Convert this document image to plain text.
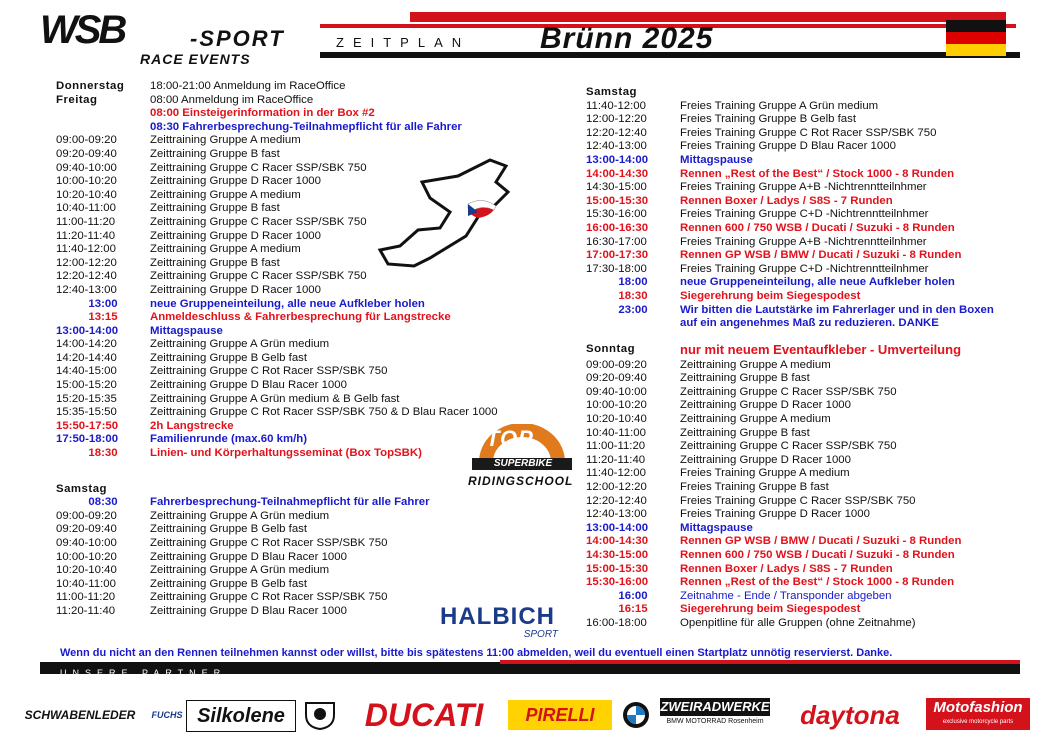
WSB	-SPORT
RACE EVENTS
ZEITPLAN Brünn 2025
Donnerstag	18:00-21:00 Anmeldung im RaceOffice
Freitag	08:00 Anmeldung im RaceOffice
08:00 Einsteigerinformation in der Box #2
08:30 Fahrerbesprechung-Teilnahmepflicht für alle Fahrer
09:00-09:20	Zeittraining Gruppe A medium
09:20-09:40	Zeittraining Gruppe B fast
09:40-10:00	Zeittraining Gruppe C Racer SSP/SBK 750
10:00-10:20	Zeittraining Gruppe D Racer 1000
10:20-10:40	Zeittraining Gruppe A medium
10:40-11:00	Zeittraining Gruppe B fast
11:00-11:20	Zeittraining Gruppe C Racer SSP/SBK 750
11:20-11:40	Zeittraining Gruppe D Racer 1000
11:40-12:00	Zeittraining Gruppe A medium
12:00-12:20	Zeittraining Gruppe B fast
12:20-12:40	Zeittraining Gruppe C Racer SSP/SBK 750
12:40-13:00	Zeittraining Gruppe D Racer 1000
13:00	neue Gruppeneinteilung, alle neue Aufkleber holen
13:15	Anmeldeschluss & Fahrerbesprechung für Langstrecke
13:00-14:00	Mittagspause
14:00-14:20	Zeittraining Gruppe A Grün medium
14:20-14:40	Zeittraining Gruppe B Gelb fast
14:40-15:00	Zeittraining Gruppe C Rot Racer SSP/SBK 750
15:00-15:20	Zeittraining Gruppe D Blau Racer 1000
15:20-15:35	Zeittraining Gruppe A Grün medium & B Gelb fast
15:35-15:50	Zeittraining Gruppe C Rot Racer SSP/SBK 750 & D Blau Racer 1000
15:50-17:50	2h Langstrecke
17:50-18:00	Familienrunde (max.60 km/h)
18:30	Linien- und Körperhaltungsseminat (Box TopSBK)
Samstag
08:30	Fahrerbesprechung-Teilnahmepflicht für alle Fahrer
09:00-09:20	Zeittraining Gruppe A Grün medium
09:20-09:40	Zeittraining Gruppe B Gelb fast
09:40-10:00	Zeittraining Gruppe C Rot Racer SSP/SBK 750
10:00-10:20	Zeittraining Gruppe D Blau Racer 1000
10:20-10:40	Zeittraining Gruppe A Grün medium
10:40-11:00	Zeittraining Gruppe B Gelb fast
11:00-11:20	Zeittraining Gruppe C Rot Racer SSP/SBK 750
11:20-11:40	Zeittraining Gruppe D Blau Racer 1000
Samstag
11:40-12:00	Freies Training Gruppe A Grün medium
12:00-12:20	Freies Training Gruppe B Gelb fast
12:20-12:40	Freies Training Gruppe C Rot Racer SSP/SBK 750
12:40-13:00	Freies Training Gruppe D Blau Racer 1000
13:00-14:00	Mittagspause
14:00-14:30	Rennen „Rest of the Best“ / Stock 1000 - 8 Runden
14:30-15:00	Freies Training Gruppe A+B -Nichtrenntteilnhmer
15:00-15:30	Rennen Boxer / Ladys / S8S - 7 Runden
15:30-16:00	Freies Training Gruppe C+D -Nichtrenntteilnhmer
16:00-16:30	Rennen 600 / 750 WSB / Ducati / Suzuki - 8 Runden
16:30-17:00	Freies Training Gruppe A+B -Nichtrenntteilnhmer
17:00-17:30	Rennen GP WSB / BMW / Ducati / Suzuki - 8 Runden
17:30-18:00	Freies Training Gruppe C+D -Nichtrenntteilnhmer
18:00	neue Gruppeneinteilung, alle neue Aufkleber holen
18:30	Siegerehrung beim Siegespodest
23:00	Wir bitten die Lautstärke im Fahrerlager und in den Boxen
auf ein angenehmes Maß zu reduzieren. DANKE
Sonntag	nur mit neuem Eventaufkleber - Umverteilung
09:00-09:20	Zeittraining Gruppe A medium
09:20-09:40	Zeittraining Gruppe B fast
09:40-10:00	Zeittraining Gruppe C Racer SSP/SBK 750
10:00-10:20	Zeittraining Gruppe D Racer 1000
10:20-10:40	Zeittraining Gruppe A medium
10:40-11:00	Zeittraining Gruppe B fast
11:00-11:20	Zeittraining Gruppe C Racer SSP/SBK 750
11:20-11:40	Zeittraining Gruppe D Racer 1000
11:40-12:00	Freies Training Gruppe A medium
12:00-12:20	Freies Training Gruppe B fast
12:20-12:40	Freies Training Gruppe C Racer SSP/SBK 750
12:40-13:00	Freies Training Gruppe D Racer 1000
13:00-14:00	Mittagspause
14:00-14:30	Rennen GP WSB / BMW / Ducati / Suzuki - 8 Runden
14:30-15:00	Rennen 600 / 750 WSB / Ducati / Suzuki - 8 Runden
15:00-15:30	Rennen Boxer / Ladys / S8S - 7 Runden
15:30-16:00	Rennen „Rest of the Best“ / Stock 1000 - 8 Runden
16:00	Zeitnahme - Ende / Transponder abgeben
16:15	Siegerehrung beim Siegespodest
16:00-18:00	Openpitline für alle Gruppen (ohne Zeitnahme)
TOP
SUPERBIKE
RIDINGSCHOOL
HALBICH
SPORT
Wenn du nicht an den Rennen teilnehmen kannst oder willst, bitte bis spätestens 11:00 abmelden, weil du eventuell einen Startplatz unnötig reservierst. Danke.
UNSERE PARTNER
SCHWABENLEDER FUCHS Silkolene DUCATI PIRELLI	ZWEIRADWERKE
BMW MOTORRAD Rosenheim daytona	Motofashion
exclusive motorcycle parts
